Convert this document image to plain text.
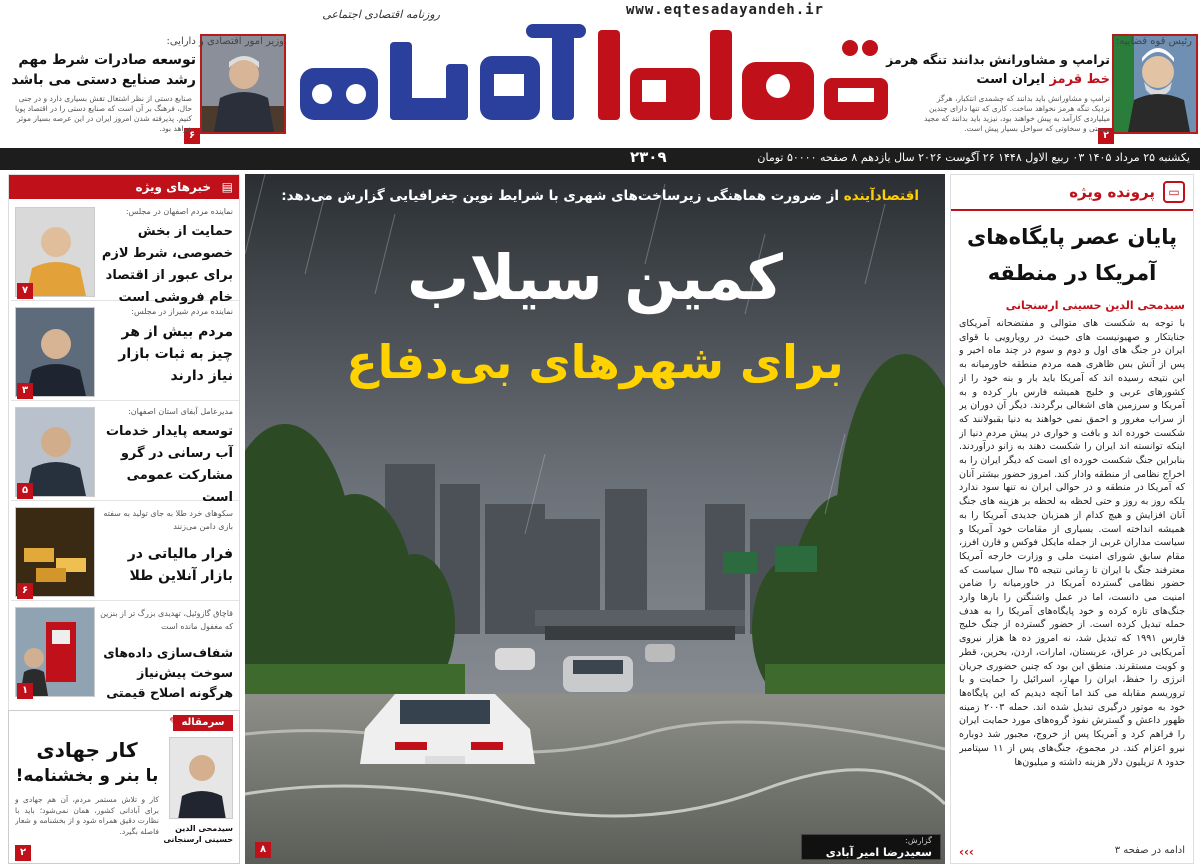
www.eqtesadayandeh.ir
روزنامه اقتصادی اجتماعی
۲
رئیس قوه قضاییه:
ترامپ و مشاورانش بدانند تنگه هرمز
خط قرمز ایران است
ترامپ و مشاورانش باید بدانند که چشمدی انتکبار، هرگز نزدیک تنگه هرمز نخواهد ساخت. کاری که تنها دارای چندین میلیاردی کارآمد به پیش خواهند بود، نیزید باید بدانند که مجید پرستی و سخاوتی که سواحل بسیار پیش است.
۶
وزیر امور اقتصادی و دارایی:
توسعه صادرات شرط مهم
رشد صنایع دستی می باشد
صنایع دستی از نظر اشتغال تقش بسیاری دارد و در جنی حال، فرهنگ بر آن است که صنایع دستی را در اقتصاد پویا کنیم. پذیرفته شدن امروز ایران در این عرصه بسیار موثر خواهد بود.
یکشنبه ۲۵ مرداد ۱۴۰۵ ۰۳ ربیع الاول ۱۴۴۸ ۲۶ آگوست ۲۰۲۶ سال یازدهم ۸ صفحه ۵۰۰۰۰ تومان
۲۳۰۹
خبرهای ویژه ▤
نماینده مردم اصفهان در مجلس:
حمایت از بخش خصوصی، شرط لازم برای عبور از اقتصاد خام فروشی است
۷
نماینده مردم شیراز در مجلس:
مردم بیش از هر چیز به ثبات بازار نیاز دارند
۳
مدیرعامل آبفای استان اصفهان:
توسعه پایدار خدمات آب رسانی در گرو مشارکت عمومی است
۵
سکوهای خرد طلا به جای تولید به سفته بازی دامن می‌زنند
فرار مالیاتی در بازار آنلاین طلا
۶
قاچاق گازوئیل، تهدیدی بزرگ تر از بنزین که مغفول مانده است
شفاف‌سازی داده‌های سوخت پیش‌نیاز هرگونه اصلاح قیمتی
۱
سرمقاله
✎
سیدمحی الدین حسینی ارسنجانی
کار جهادی
با بنر و بخشنامه!
کار و تلاش مستمر مردم، آن هم جهادی و برای آبادانی کشور، همان نمی‌شود؛ باید با نظارت دقیق همراه شود و از بخشنامه و شعار فاصله بگیرد.
۲
اقتصادآینده از ضرورت هماهنگی زیرساخت‌های شهری با شرایط نوین جغرافیایی گزارش می‌دهد:
کمین سیلاب
برای شهرهای بی‌دفاع
۸
گزارش:
سعیدرضا امیر آبادی
▭
پرونده ویژه
پایان عصر پایگاه‌های آمریکا در منطقه
سیدمحی الدین حسینی ارسنجانی
با توجه به شکست های متوالی و مفتضحانه آمریکای جنایتکار و صهیونیست های خبیث در رویارویی با قوای ایران در جنگ های اول و دوم و سوم در چند ماه اخیر و پس از آتش بس ظاهری همه مردم منطقه خاورمیانه به این نتیجه رسیده اند که آمریکا باید بار و بنه خود را از کشورهای عربی و خلیج همیشه فارس بار کرده و به آمریکا و سرزمین های اشغالی برگردند. دیگر آن دوران پر از سراب مغرور و احمق نمی خواهند به دنیا بقبولانند که شکست خورده اند و بافت و خواری در پیش مردم دنیا از اینکه توانسته اند ایران را شکست دهند به زانو درآوردند. بنابراین جنگ شکست خورده ای است که دیگر ایران را به اخراج نظامی از منطقه وادار کند. امروز حضور بیشتر آنان که آمریکا در منطقه و در حوالی ایران نه تنها سود ندارد بلکه روز به روز و حتی لحظه به لحظه بر هزینه های جنگ آنان افزایش و هیچ کدام از همزبان جدیدی آمریکا را به همیشه انداخته است. بسیاری از مقامات خود آمریکا و سیاست مداران غربی از جمله مایکل فوکس و فارن افرز، مقام سابق شورای امنیت ملی و وزارت خارجه آمریکا معترفند جنگ با ایران تا زمانی نتیجه ۳۵ سال سیاست که حضور نظامی گسترده آمریکا در خاورمیانه را ضامن امنیت می دانست، اما در عمل واشنگتن را بارها وارد جنگ‌های تازه کرده و خود پایگاه‌های آمریکا را به هدف حمله تبدیل کرده است. از حضور گسترده از جنگ خلیج فارس ۱۹۹۱ که تبدیل شد، نه امروز ده ها هزار نیروی آمریکایی در عراق، عربستان، امارات، اردن، بحرین، قطر و کویت مستقرند. منطق این بود که چنین حضوری جریان انرژی را حفظ، ایران را مهار، اسرائیل را حمایت و با تروریسم مقابله می کند اما آنچه دیدیم که این پایگاه‌ها خود به موتور درگیری تبدیل شده اند. حمله ۲۰۰۳ زمینه ظهور داعش و گسترش نفوذ گروه‌های مورد حمایت ایران را فراهم کرد و آمریکا پس از خروج، مجبور شد دوباره نیرو اعزام کند. در مجموع، جنگ‌های پس از ۱۱ سپتامبر حدود ۸ تریلیون دلار هزینه داشته و میلیون‌ها
ادامه در صفحه ۳
‹‹‹
